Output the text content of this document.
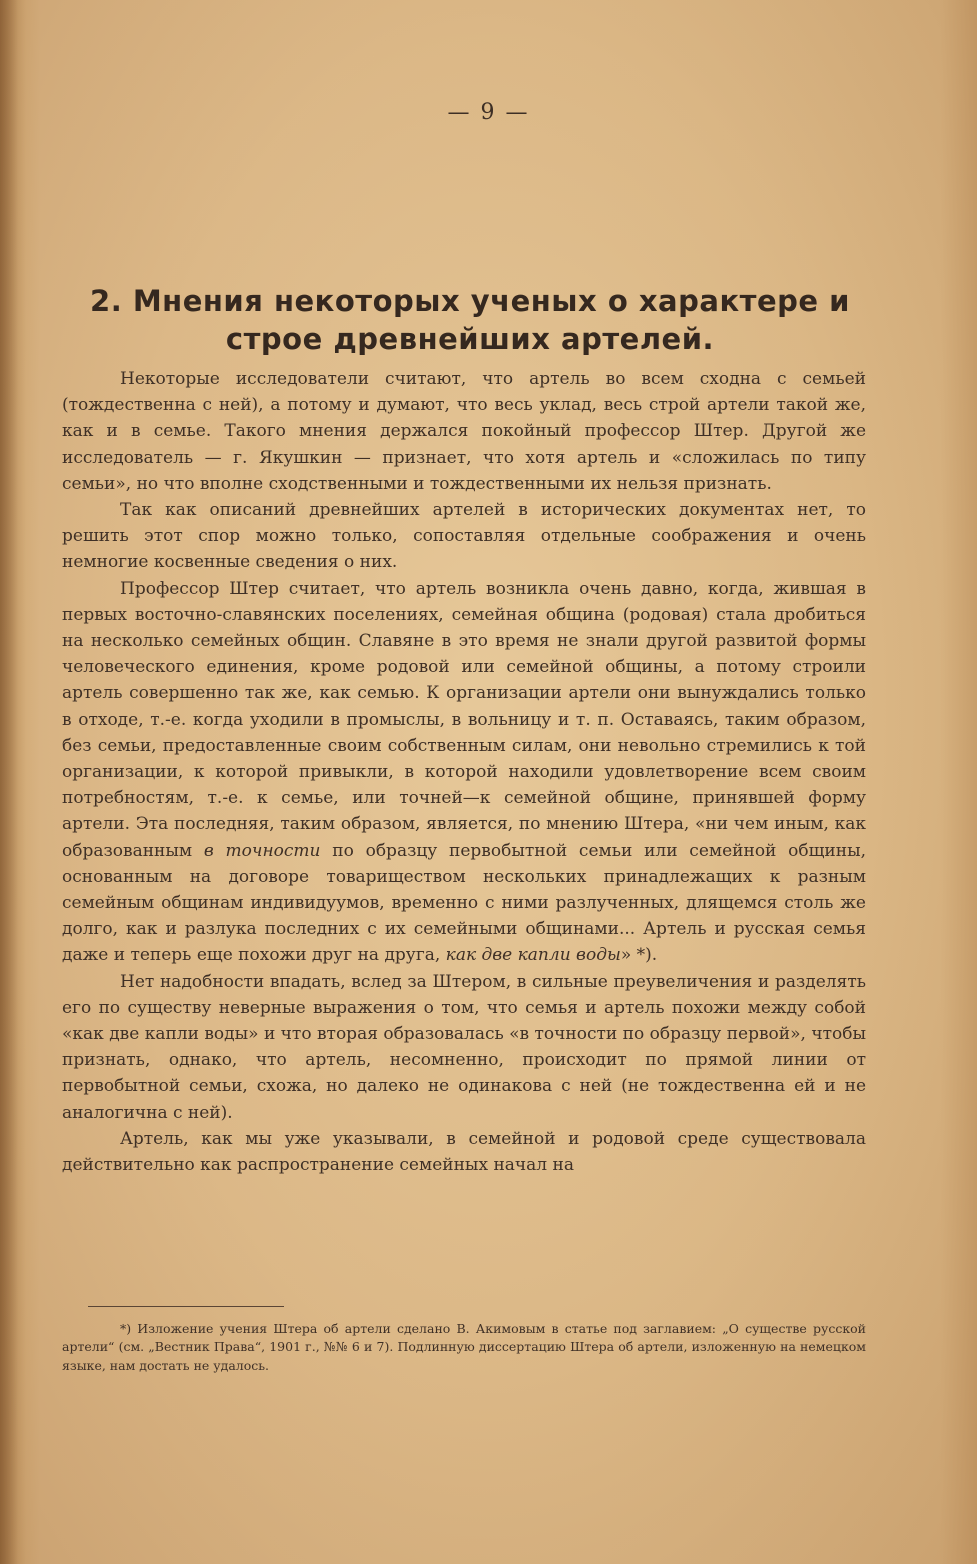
— 9 —
2. Мнения некоторых ученых о характере и строе древнейших артелей.

Некоторые исследователи считают, что артель во всем сходна с семьей (тождественна с ней), а потому и думают, что весь уклад, весь строй артели такой же, как и в семье. Такого мнения держался покойный профессор Штер. Другой же исследователь — г. Якушкин — признает, что хотя артель и «сложилась по типу семьи», но что вполне сходственными и тождественными их нельзя признать.

Так как описаний древнейших артелей в исторических документах нет, то решить этот спор можно только, сопоставляя отдельные соображения и очень немногие косвенные сведения о них.

Профессор Штер считает, что артель возникла очень давно, когда, жившая в первых восточно-славянских поселениях, семейная община (родовая) стала дробиться на несколько семейных общин. Славяне в это время не знали другой развитой формы человеческого единения, кроме родовой или семейной общины, а потому строили артель совершенно так же, как семью. К организации артели они вынуждались только в отходе, т.-е. когда уходили в промыслы, в вольницу и т. п. Оставаясь, таким образом, без семьи, предоставленные своим собственным силам, они невольно стремились к той организации, к которой привыкли, в которой находили удовлетворение всем своим потребностям, т.-е. к семье, или точней—к семейной общине, принявшей форму артели. Эта последняя, таким образом, является, по мнению Штера, «ни чем иным, как образованным в точности по образцу первобытной семьи или семейной общины, основанным на договоре товариществом нескольких принадлежащих к разным семейным общинам индивидуумов, временно с ними разлученных, длящемся столь же долго, как и разлука последних с их семейными общинами... Артель и русская семья даже и теперь еще похожи друг на друга, как две капли воды» *).

Нет надобности впадать, вслед за Штером, в сильные преувеличения и разделять его по существу неверные выражения о том, что семья и артель похожи между собой «как две капли воды» и что вторая образовалась «в точности по образцу первой», чтобы признать, однако, что артель, несомненно, происходит по прямой линии от первобытной семьи, схожа, но далеко не одинакова с ней (не тождественна ей и не аналогична с ней).

Артель, как мы уже указывали, в семейной и родовой среде существовала действительно как распространение семейных начал на

*) Изложение учения Штера об артели сделано В. Акимовым в статье под заглавием: „О существе русской артели“ (см. „Вестник Права“, 1901 г., №№ 6 и 7). Подлинную диссертацию Штера об артели, изложенную на немецком языке, нам достать не удалось.
